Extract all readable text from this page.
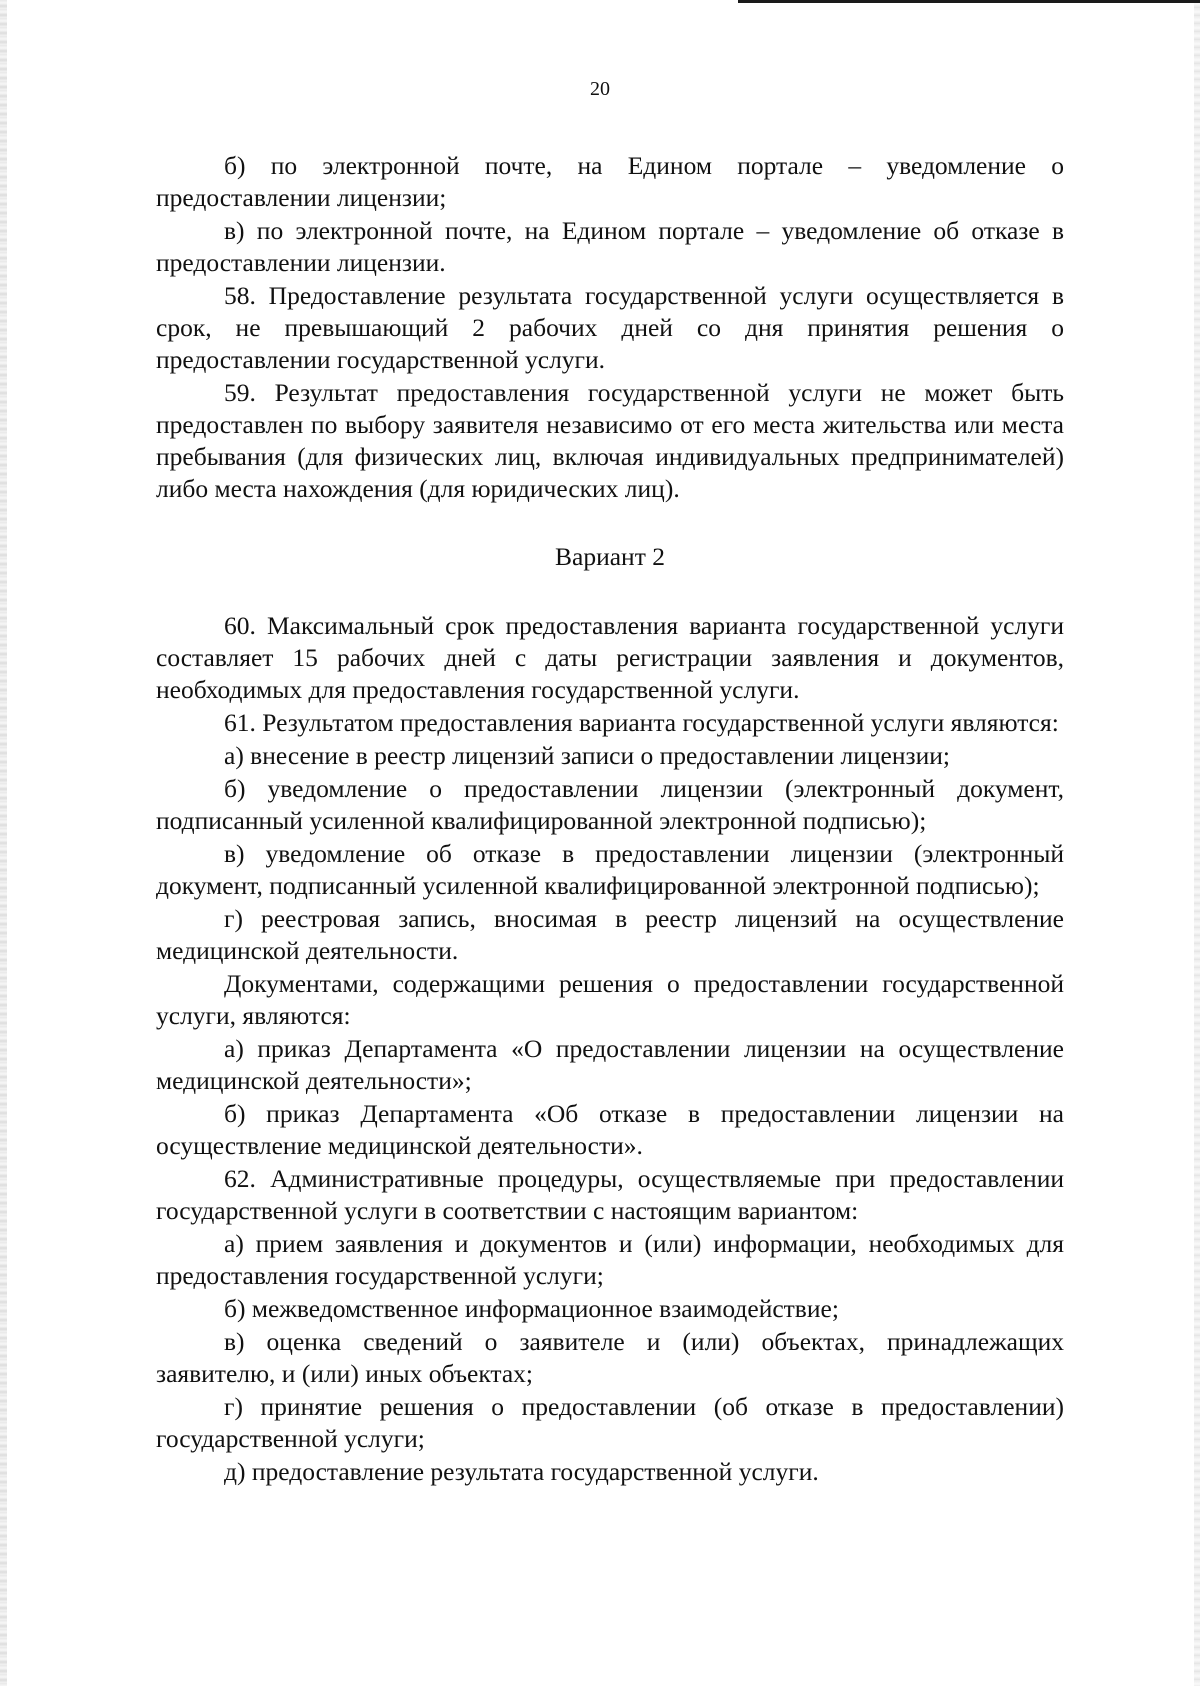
20

б) по электронной почте, на Едином портале – уведомление о предоставлении лицензии;

в) по электронной почте, на Едином портале – уведомление об отказе в предоставлении лицензии.

58. Предоставление результата государственной услуги осуществляется в срок, не превышающий 2 рабочих дней со дня принятия решения о предоставлении государственной услуги.

59. Результат предоставления государственной услуги не может быть предоставлен по выбору заявителя независимо от его места жительства или места пребывания (для физических лиц, включая индивидуальных предпринимателей) либо места нахождения (для юридических лиц).

Вариант 2

60. Максимальный срок предоставления варианта государственной услуги составляет 15 рабочих дней с даты регистрации заявления и документов, необходимых для предоставления государственной услуги.

61. Результатом предоставления варианта государственной услуги являются:

а) внесение в реестр лицензий записи о предоставлении лицензии;

б) уведомление о предоставлении лицензии (электронный документ, подписанный усиленной квалифицированной электронной подписью);

в) уведомление об отказе в предоставлении лицензии (электронный документ, подписанный усиленной квалифицированной электронной подписью);

г) реестровая запись, вносимая в реестр лицензий на осуществление медицинской деятельности.

Документами, содержащими решения о предоставлении государственной услуги, являются:

а) приказ Департамента «О предоставлении лицензии на осуществление медицинской деятельности»;

б) приказ Департамента «Об отказе в предоставлении лицензии на осуществление медицинской деятельности».

62. Административные процедуры, осуществляемые при предоставлении государственной услуги в соответствии с настоящим вариантом:

а) прием заявления и документов и (или) информации, необходимых для предоставления государственной услуги;

б) межведомственное информационное взаимодействие;

в) оценка сведений о заявителе и (или) объектах, принадлежащих заявителю, и (или) иных объектах;

г) принятие решения о предоставлении (об отказе в предоставлении) государственной услуги;

д) предоставление результата государственной услуги.
